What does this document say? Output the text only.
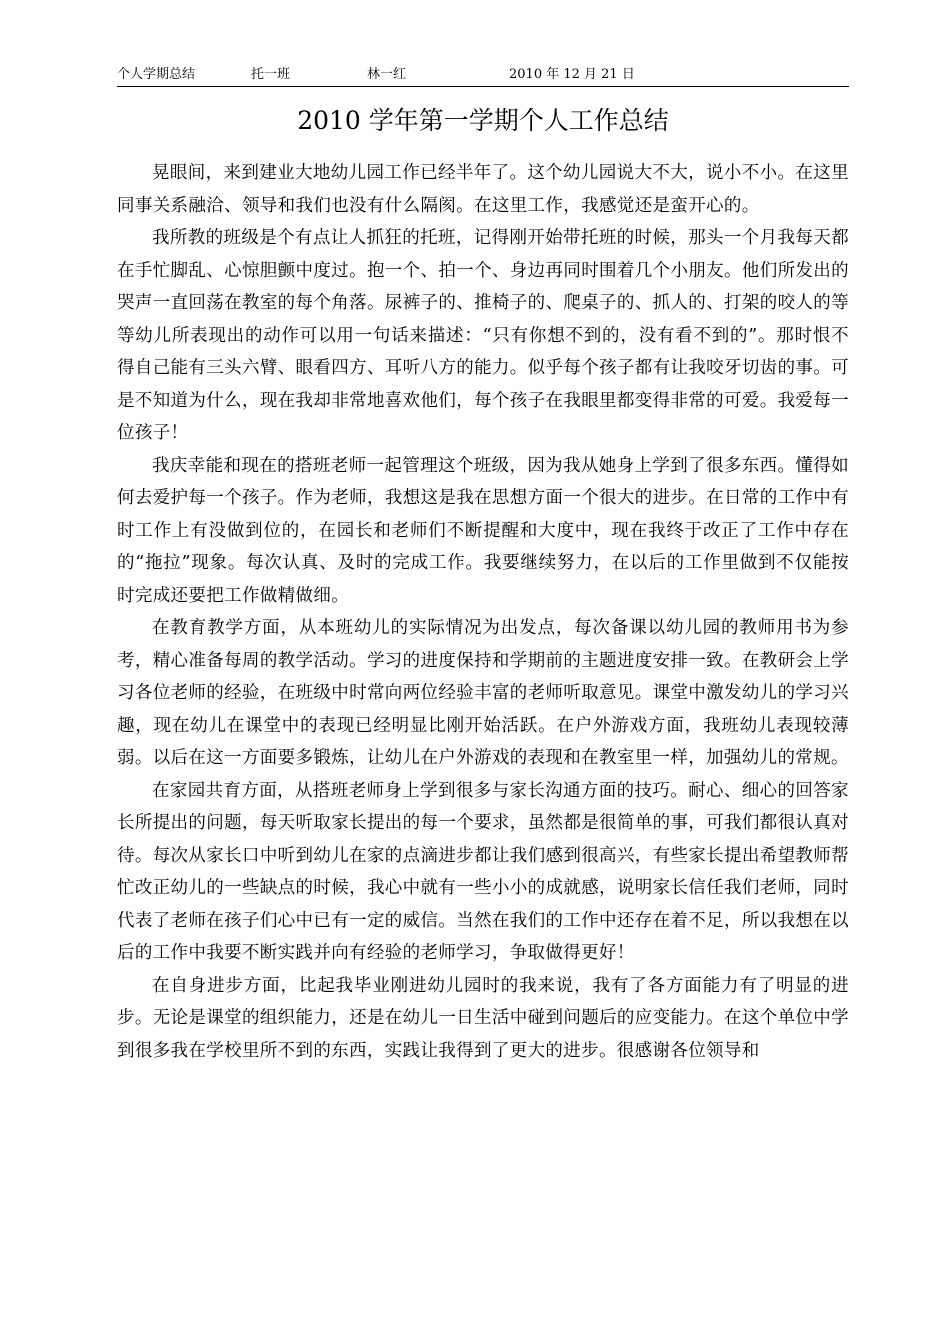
个人学期总结	托一班	林一红	2010 年 12 月 21 日
2010 学年第一学期个人工作总结

晃眼间，来到建业大地幼儿园工作已经半年了。这个幼儿园说大不大，说小不小。在这里同事关系融洽、领导和我们也没有什么隔阂。在这里工作，我感觉还是蛮开心的。

我所教的班级是个有点让人抓狂的托班，记得刚开始带托班的时候，那头一个月我每天都在手忙脚乱、心惊胆颤中度过。抱一个、拍一个、身边再同时围着几个小朋友。他们所发出的哭声一直回荡在教室的每个角落。尿裤子的、推椅子的、爬桌子的、抓人的、打架的咬人的等等幼儿所表现出的动作可以用一句话来描述：“只有你想不到的，没有看不到的”。那时恨不得自己能有三头六臂、眼看四方、耳听八方的能力。似乎每个孩子都有让我咬牙切齿的事。可是不知道为什么，现在我却非常地喜欢他们，每个孩子在我眼里都变得非常的可爱。我爱每一位孩子！

我庆幸能和现在的搭班老师一起管理这个班级，因为我从她身上学到了很多东西。懂得如何去爱护每一个孩子。作为老师，我想这是我在思想方面一个很大的进步。在日常的工作中有时工作上有没做到位的，在园长和老师们不断提醒和大度中，现在我终于改正了工作中存在的“拖拉”现象。每次认真、及时的完成工作。我要继续努力，在以后的工作里做到不仅能按时完成还要把工作做精做细。

在教育教学方面，从本班幼儿的实际情况为出发点，每次备课以幼儿园的教师用书为参考，精心准备每周的教学活动。学习的进度保持和学期前的主题进度安排一致。在教研会上学习各位老师的经验，在班级中时常向两位经验丰富的老师听取意见。课堂中激发幼儿的学习兴趣，现在幼儿在课堂中的表现已经明显比刚开始活跃。在户外游戏方面，我班幼儿表现较薄弱。以后在这一方面要多锻炼，让幼儿在户外游戏的表现和在教室里一样，加强幼儿的常规。

在家园共育方面，从搭班老师身上学到很多与家长沟通方面的技巧。耐心、细心的回答家长所提出的问题，每天听取家长提出的每一个要求，虽然都是很简单的事，可我们都很认真对待。每次从家长口中听到幼儿在家的点滴进步都让我们感到很高兴，有些家长提出希望教师帮忙改正幼儿的一些缺点的时候，我心中就有一些小小的成就感，说明家长信任我们老师，同时代表了老师在孩子们心中已有一定的威信。当然在我们的工作中还存在着不足，所以我想在以后的工作中我要不断实践并向有经验的老师学习，争取做得更好！

在自身进步方面，比起我毕业刚进幼儿园时的我来说，我有了各方面能力有了明显的进步。无论是课堂的组织能力，还是在幼儿一日生活中碰到问题后的应变能力。在这个单位中学到很多我在学校里所不到的东西，实践让我得到了更大的进步。很感谢各位领导和
